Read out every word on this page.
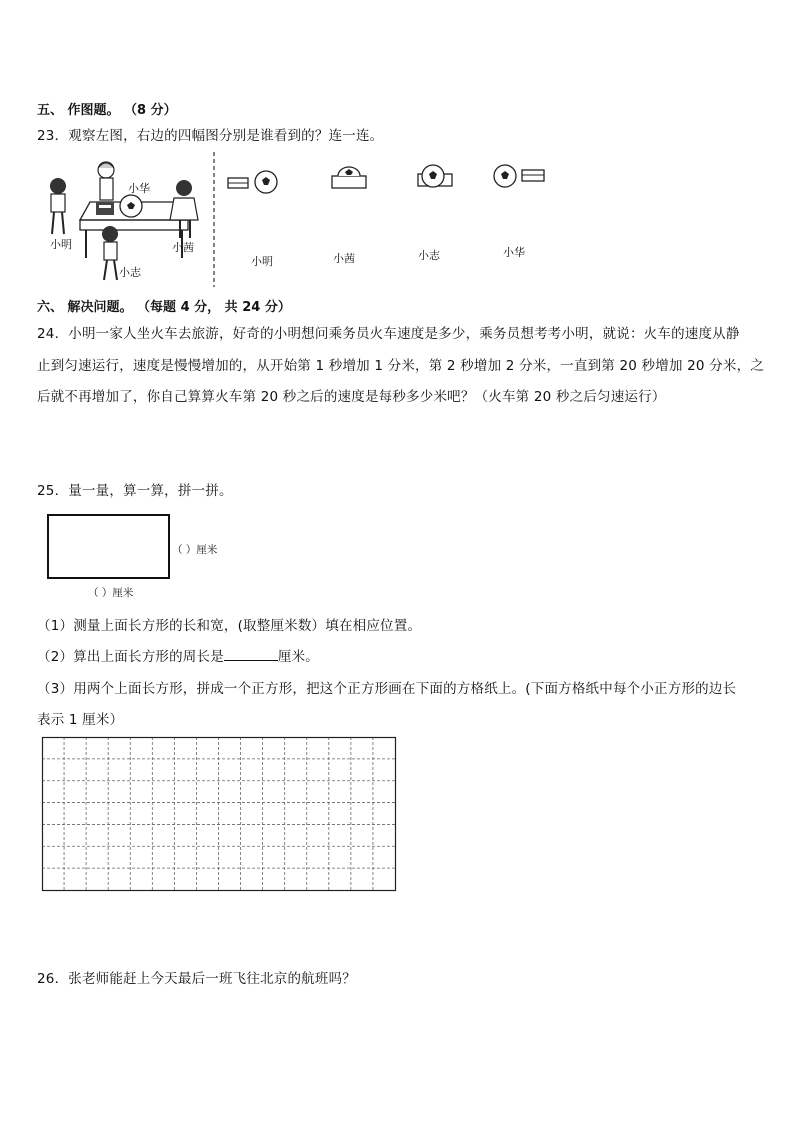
五、 作图题。 （8 分）
23．观察左图，右边的四幅图分别是谁看到的？连一连。
小华
小明	小茜
小志
小明	小茜	小志	小华
六、 解决问题。 （每题 4 分， 共 24 分）
24．小明一家人坐火车去旅游，好奇的小明想问乘务员火车速度是多少，乘务员想考考小明，就说：火车的速度从静
止到匀速运行，速度是慢慢增加的，从开始第 1 秒增加 1 分米，第 2 秒增加 2 分米，一直到第 20 秒增加 20 分米，之
后就不再增加了，你自己算算火车第 20 秒之后的速度是每秒多少米吧？（火车第 20 秒之后匀速运行）
25．量一量，算一算，拼一拼。
（ ）厘米
（ ）厘米
（1）测量上面长方形的长和宽，(取整厘米数）填在相应位置。
（2）算出上面长方形的周长是	厘米。
（3）用两个上面长方形，拼成一个正方形，把这个正方形画在下面的方格纸上。(下面方格纸中每个小正方形的边长
表示 1 厘米）
26．张老师能赶上今天最后一班飞往北京的航班吗？
